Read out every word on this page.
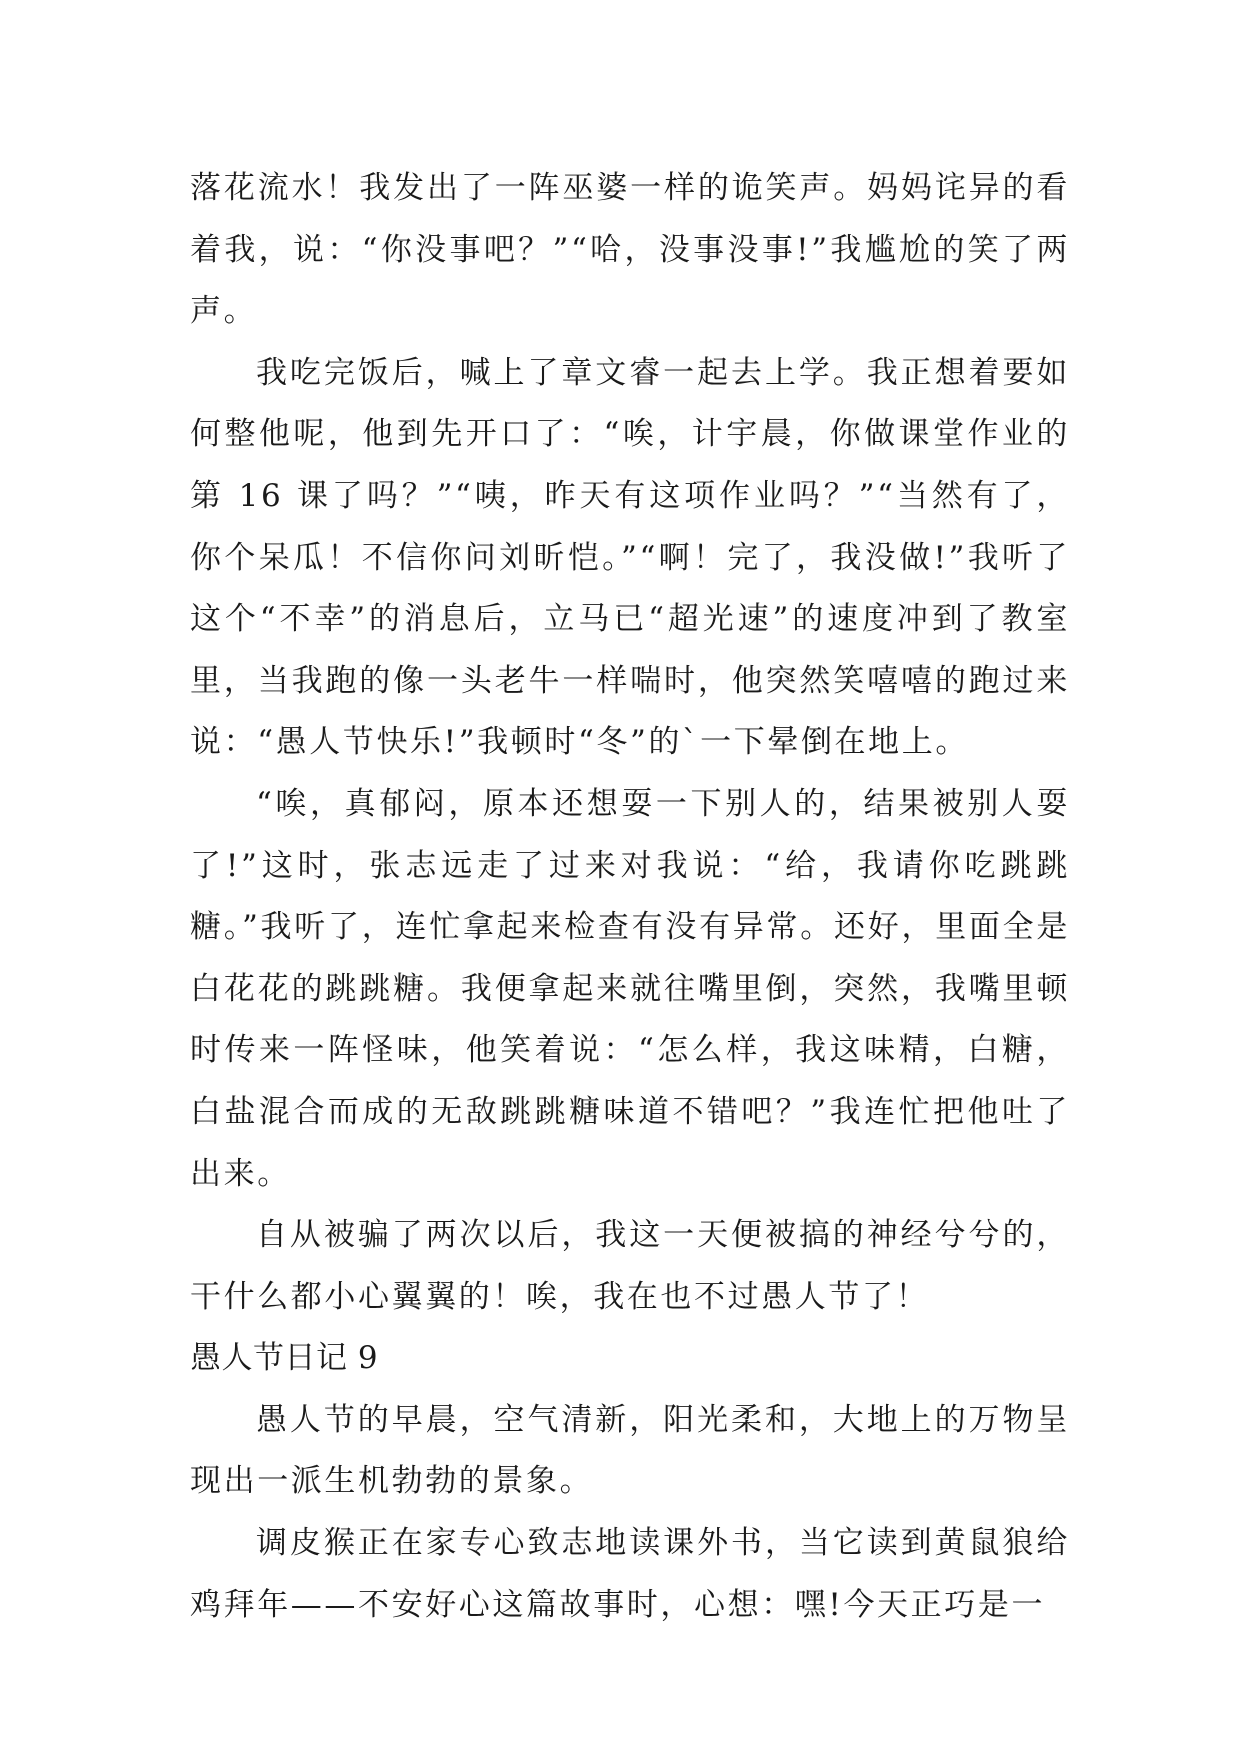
落花流水！我发出了一阵巫婆一样的诡笑声。妈妈诧异的看着我，说：“你没事吧？”“哈，没事没事!”我尴尬的笑了两声。

我吃完饭后，喊上了章文睿一起去上学。我正想着要如何整他呢，他到先开口了：“唉，计宇晨，你做课堂作业的第 16 课了吗？”“咦，昨天有这项作业吗？”“当然有了，你个呆瓜！不信你问刘昕恺。”“啊！完了，我没做!”我听了这个“不幸”的消息后，立马已“超光速”的速度冲到了教室里，当我跑的像一头老牛一样喘时，他突然笑嘻嘻的跑过来说：“愚人节快乐!”我顿时“冬”的`一下晕倒在地上。

“唉，真郁闷，原本还想耍一下别人的，结果被别人耍了!”这时，张志远走了过来对我说：“给，我请你吃跳跳糖。”我听了，连忙拿起来检查有没有异常。还好，里面全是白花花的跳跳糖。我便拿起来就往嘴里倒，突然，我嘴里顿时传来一阵怪味，他笑着说：“怎么样，我这味精，白糖，白盐混合而成的无敌跳跳糖味道不错吧？”我连忙把他吐了出来。

自从被骗了两次以后，我这一天便被搞的神经兮兮的，干什么都小心翼翼的！唉，我在也不过愚人节了！

愚人节日记 9

愚人节的早晨，空气清新，阳光柔和，大地上的万物呈现出一派生机勃勃的景象。

调皮猴正在家专心致志地读课外书，当它读到黄鼠狼给鸡拜年——不安好心这篇故事时，心想：嘿!今天正巧是一
